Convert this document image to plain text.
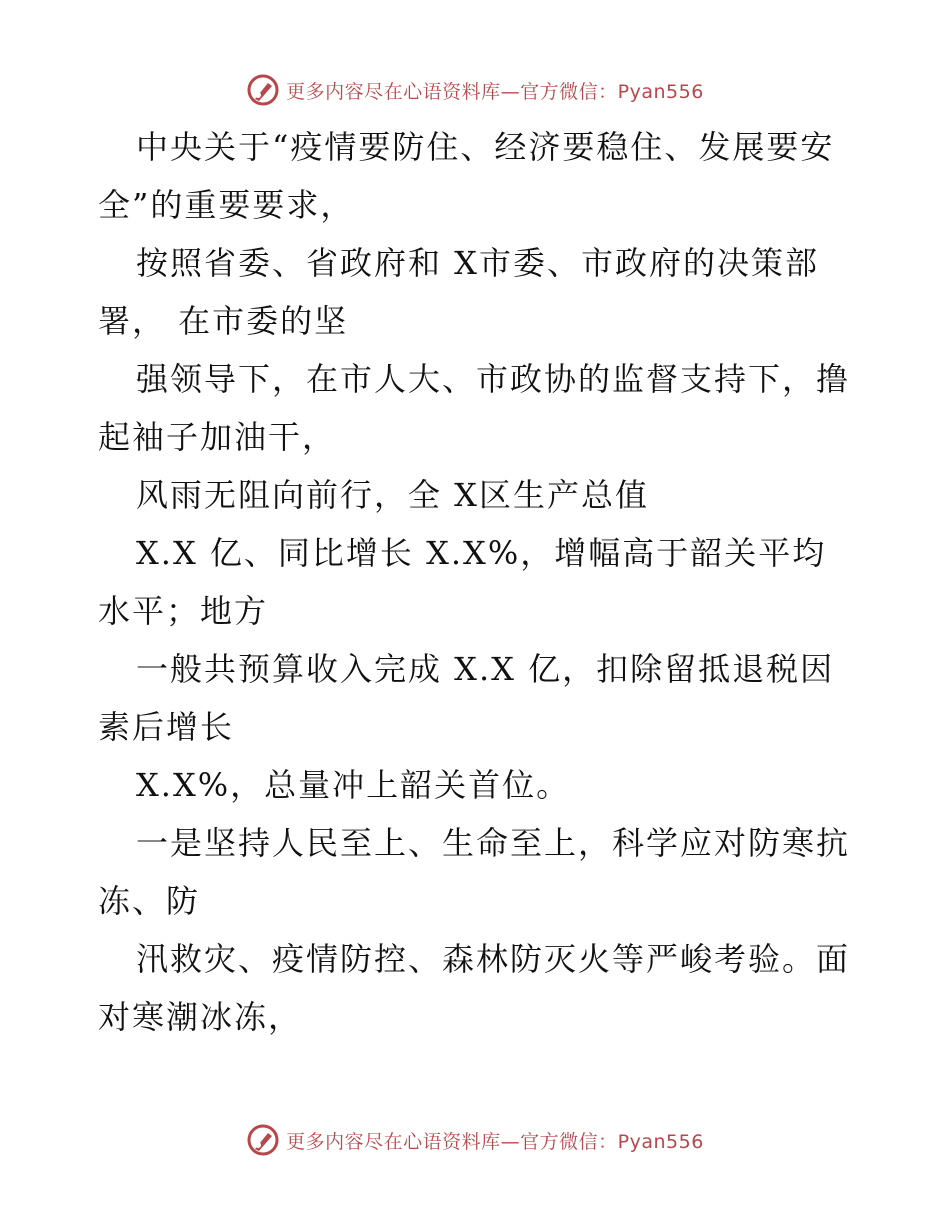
更多内容尽在心语资料库—官方微信：Pyan556

中央关于“疫情要防住、经济要稳住、发展要安全”的重要要求，

按照省委、省政府和 X市委、市政府的决策部署， 在市委的坚

强领导下，在市人大、市政协的监督支持下，撸起袖子加油干，

风雨无阻向前行，全 X区生产总值

X.X 亿、同比增长 X.X%，增幅高于韶关平均水平；地方

一般共预算收入完成 X.X 亿，扣除留抵退税因素后增长

X.X%，总量冲上韶关首位。

一是坚持人民至上、生命至上，科学应对防寒抗冻、防

汛救灾、疫情防控、森林防灭火等严峻考验。面对寒潮冰冻，

更多内容尽在心语资料库—官方微信：Pyan556
